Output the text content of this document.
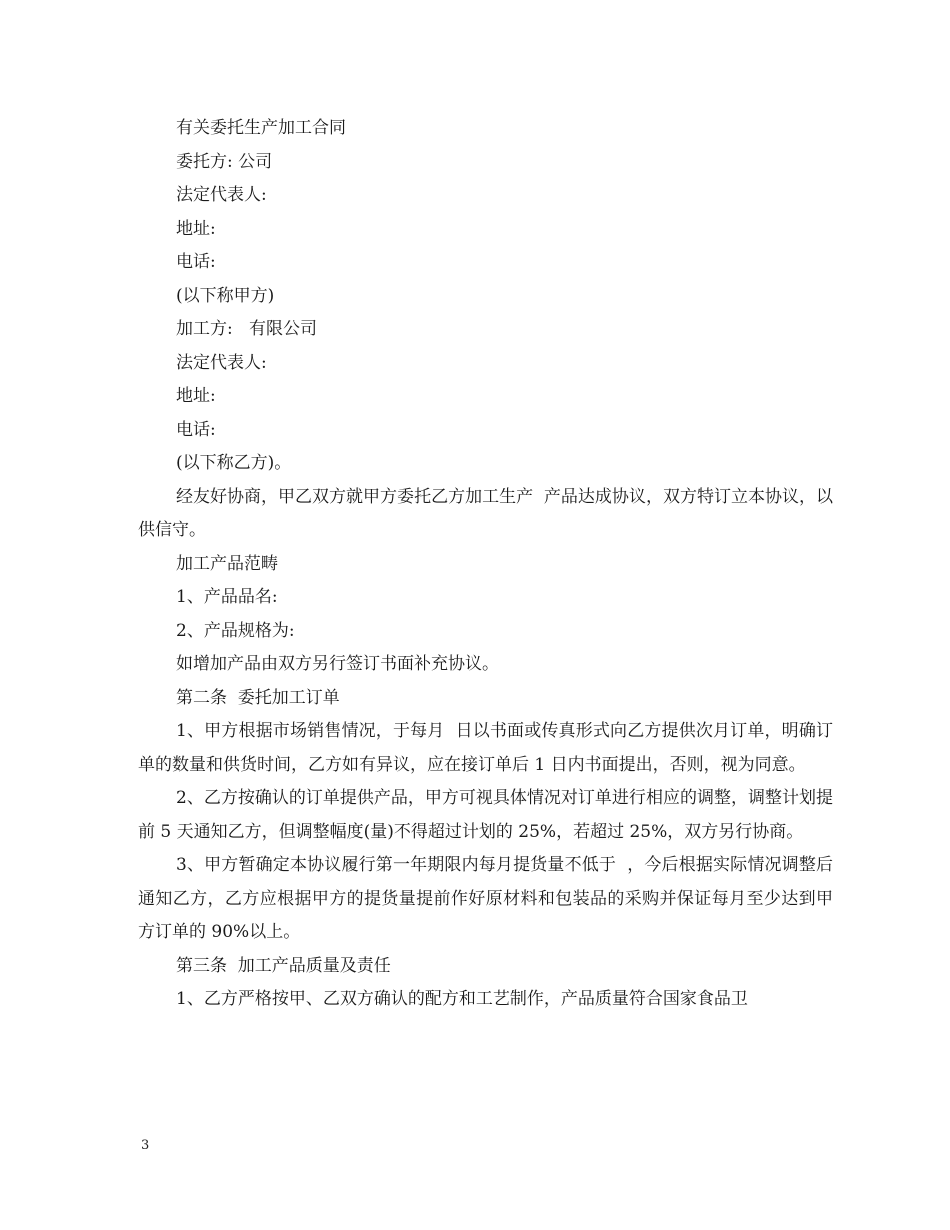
有关委托生产加工合同

委托方: 公司

法定代表人:

地址:

电话:

(以下称甲方)

加工方:   有限公司

法定代表人:

地址:

电话:

(以下称乙方)。

经友好协商，甲乙双方就甲方委托乙方加工生产  产品达成协议，双方特订立本协议，以供信守。

加工产品范畴

1、产品品名:

2、产品规格为:

如增加产品由双方另行签订书面补充协议。

第二条  委托加工订单

1、甲方根据市场销售情况，于每月  日以书面或传真形式向乙方提供次月订单，明确订单的数量和供货时间，乙方如有异议，应在接订单后 1 日内书面提出，否则，视为同意。

2、乙方按确认的订单提供产品，甲方可视具体情况对订单进行相应的调整，调整计划提前 5 天通知乙方，但调整幅度(量)不得超过计划的 25%，若超过 25%，双方另行协商。

3、甲方暂确定本协议履行第一年期限内每月提货量不低于  ，今后根据实际情况调整后通知乙方，乙方应根据甲方的提货量提前作好原材料和包装品的采购并保证每月至少达到甲方订单的 90%以上。

第三条  加工产品质量及责任

1、乙方严格按甲、乙双方确认的配方和工艺制作，产品质量符合国家食品卫

3
